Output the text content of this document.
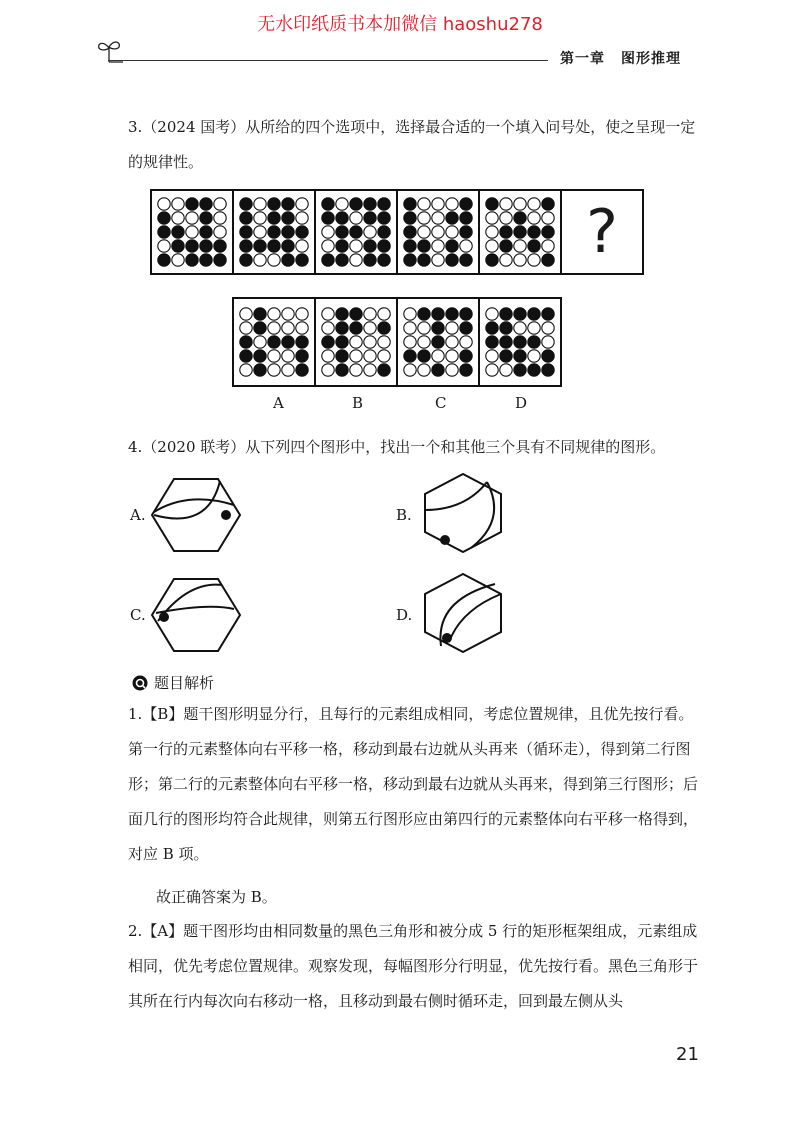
无水印纸质书本加微信 haoshu278
第一章 图形推理
3.（2024 国考）从所给的四个选项中，选择最合适的一个填入问号处，使之呈现一定的规律性。
?
A	B	C	D
4.（2020 联考）从下列四个图形中，找出一个和其他三个具有不同规律的图形。
A.	B.
C.	D.
题目解析
1.【B】题干图形明显分行，且每行的元素组成相同，考虑位置规律，且优先按行看。第一行的元素整体向右平移一格，移动到最右边就从头再来（循环走），得到第二行图形；第二行的元素整体向右平移一格，移动到最右边就从头再来，得到第三行图形；后面几行的图形均符合此规律，则第五行图形应由第四行的元素整体向右平移一格得到，对应 B 项。
故正确答案为 B。
2.【A】题干图形均由相同数量的黑色三角形和被分成 5 行的矩形框架组成，元素组成相同，优先考虑位置规律。观察发现，每幅图形分行明显，优先按行看。黑色三角形于其所在行内每次向右移动一格，且移动到最右侧时循环走，回到最左侧从头
21
